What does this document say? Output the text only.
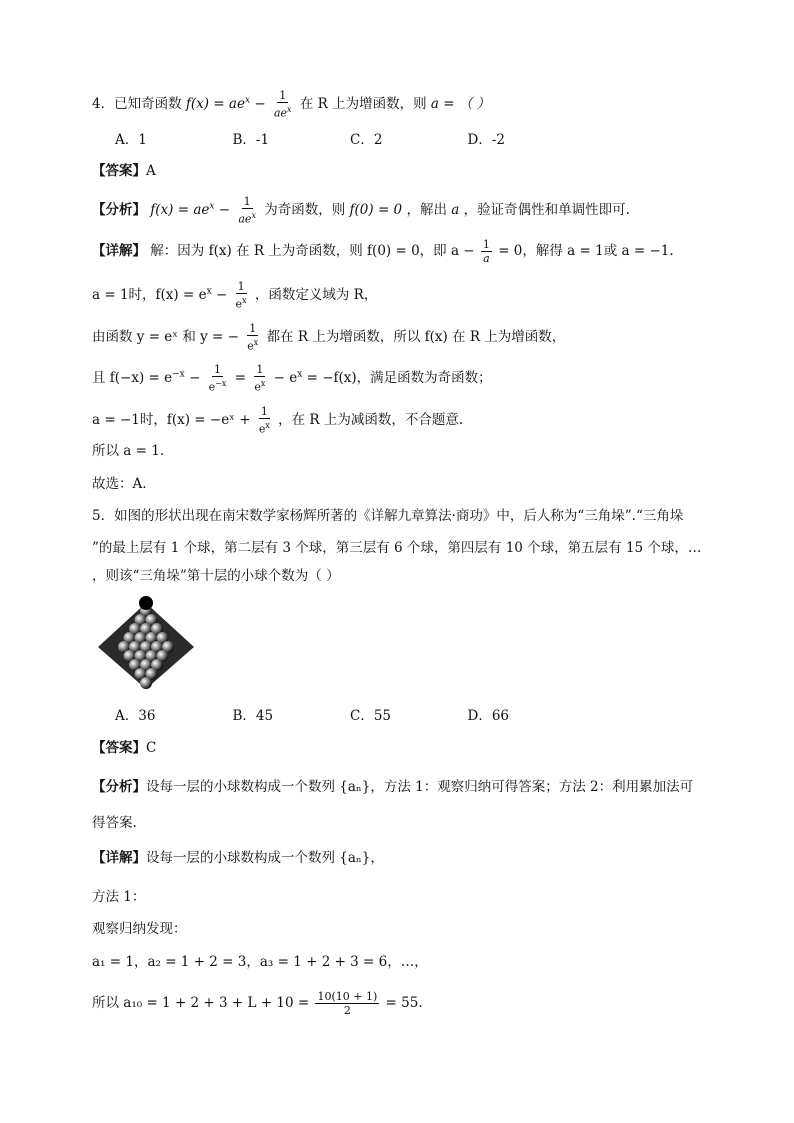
4．已知奇函数 $f(x) = ae^x - \frac{1}{ae^x}$ 在 R 上为增函数，则 a = （ ）
A．1	B．-1	C．2	D．-2
【答案】A
【分析】 $f(x) = ae^x - \frac{1}{ae^x}$ 为奇函数，则 f(0) = 0 ，解出 a ，验证奇偶性和单调性即可.
【详解】 解：因为 f(x) 在 R 上为奇函数，则 f(0) = 0，即 $a - \frac{1}{a} = 0$，解得 a = 1或 a = −1.
a = 1时，$f(x) = e^x - \frac{1}{e^x}$ ，函数定义域为 R，
由函数 y = eˣ 和 y = − $\frac{1}{e^x}$ 都在 R 上为增函数，所以 f(x) 在 R 上为增函数，
且 $f(-x) = e^{-x} - \frac{1}{e^{-x}} = \frac{1}{e^x} - e^x = -f(x)$，满足函数为奇函数；
a = −1时，f(x) = −eˣ + $\frac{1}{e^x}$ ，在 R 上为减函数，不合题意.
所以 a = 1.
故选：A.
5．如图的形状出现在南宋数学家杨辉所著的《详解九章算法·商功》中，后人称为“三角垛”.“三角垛
”的最上层有 1 个球，第二层有 3 个球，第三层有 6 个球，第四层有 10 个球，第五层有 15 个球，…
，则该“三角垛”第十层的小球个数为（ ）
A．36	B．45	C．55	D．66
【答案】C
【分析】设每一层的小球数构成一个数列 {aₙ}，方法 1：观察归纳可得答案；方法 2：利用累加法可
得答案.
【详解】设每一层的小球数构成一个数列 {aₙ}，
方法 1：
观察归纳发现：
a₁ = 1，a₂ = 1 + 2 = 3，a₃ = 1 + 2 + 3 = 6，…，
所以 $a_{10} = 1 + 2 + 3 + L + 10 = \frac{10(10 + 1)}{2} = 55$.
